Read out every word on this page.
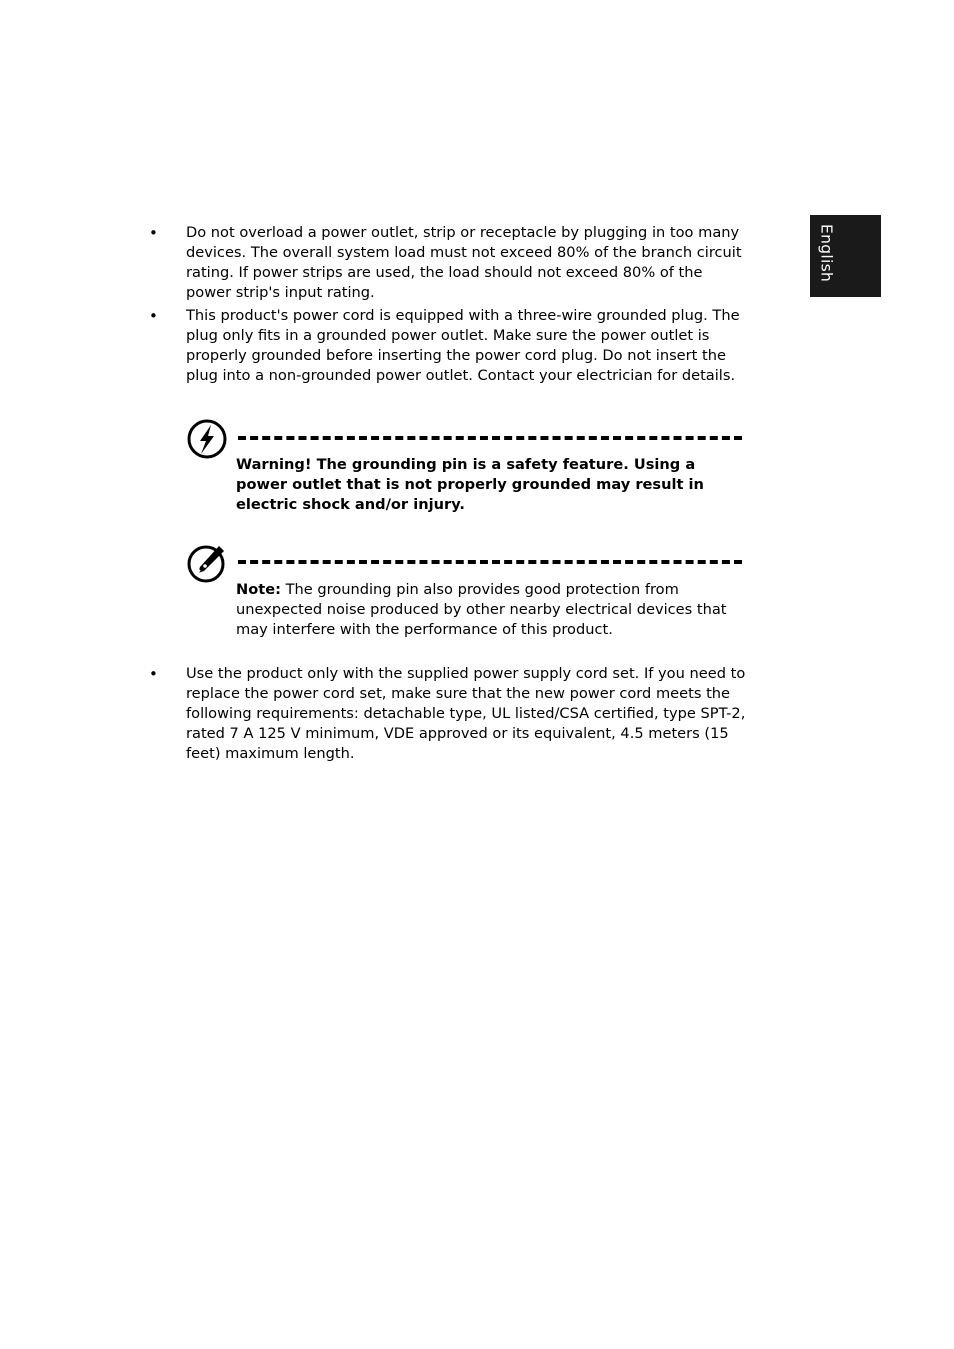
English
• Do not overload a power outlet, strip or receptacle by plugging in too many devices. The overall system load must not exceed 80% of the branch circuit rating. If power strips are used, the load should not exceed 80% of the power strip's input rating.

• This product's power cord is equipped with a three-wire grounded plug. The plug only fits in a grounded power outlet. Make sure the power outlet is properly grounded before inserting the power cord plug. Do not insert the plug into a non-grounded power outlet. Contact your electrician for details.

Warning! The grounding pin is a safety feature. Using a power outlet that is not properly grounded may result in electric shock and/or injury.

Note: The grounding pin also provides good protection from unexpected noise produced by other nearby electrical devices that may interfere with the performance of this product.

• Use the product only with the supplied power supply cord set. If you need to replace the power cord set, make sure that the new power cord meets the following requirements: detachable type, UL listed/CSA certified, type SPT-2, rated 7 A 125 V minimum, VDE approved or its equivalent, 4.5 meters (15 feet) maximum length.
